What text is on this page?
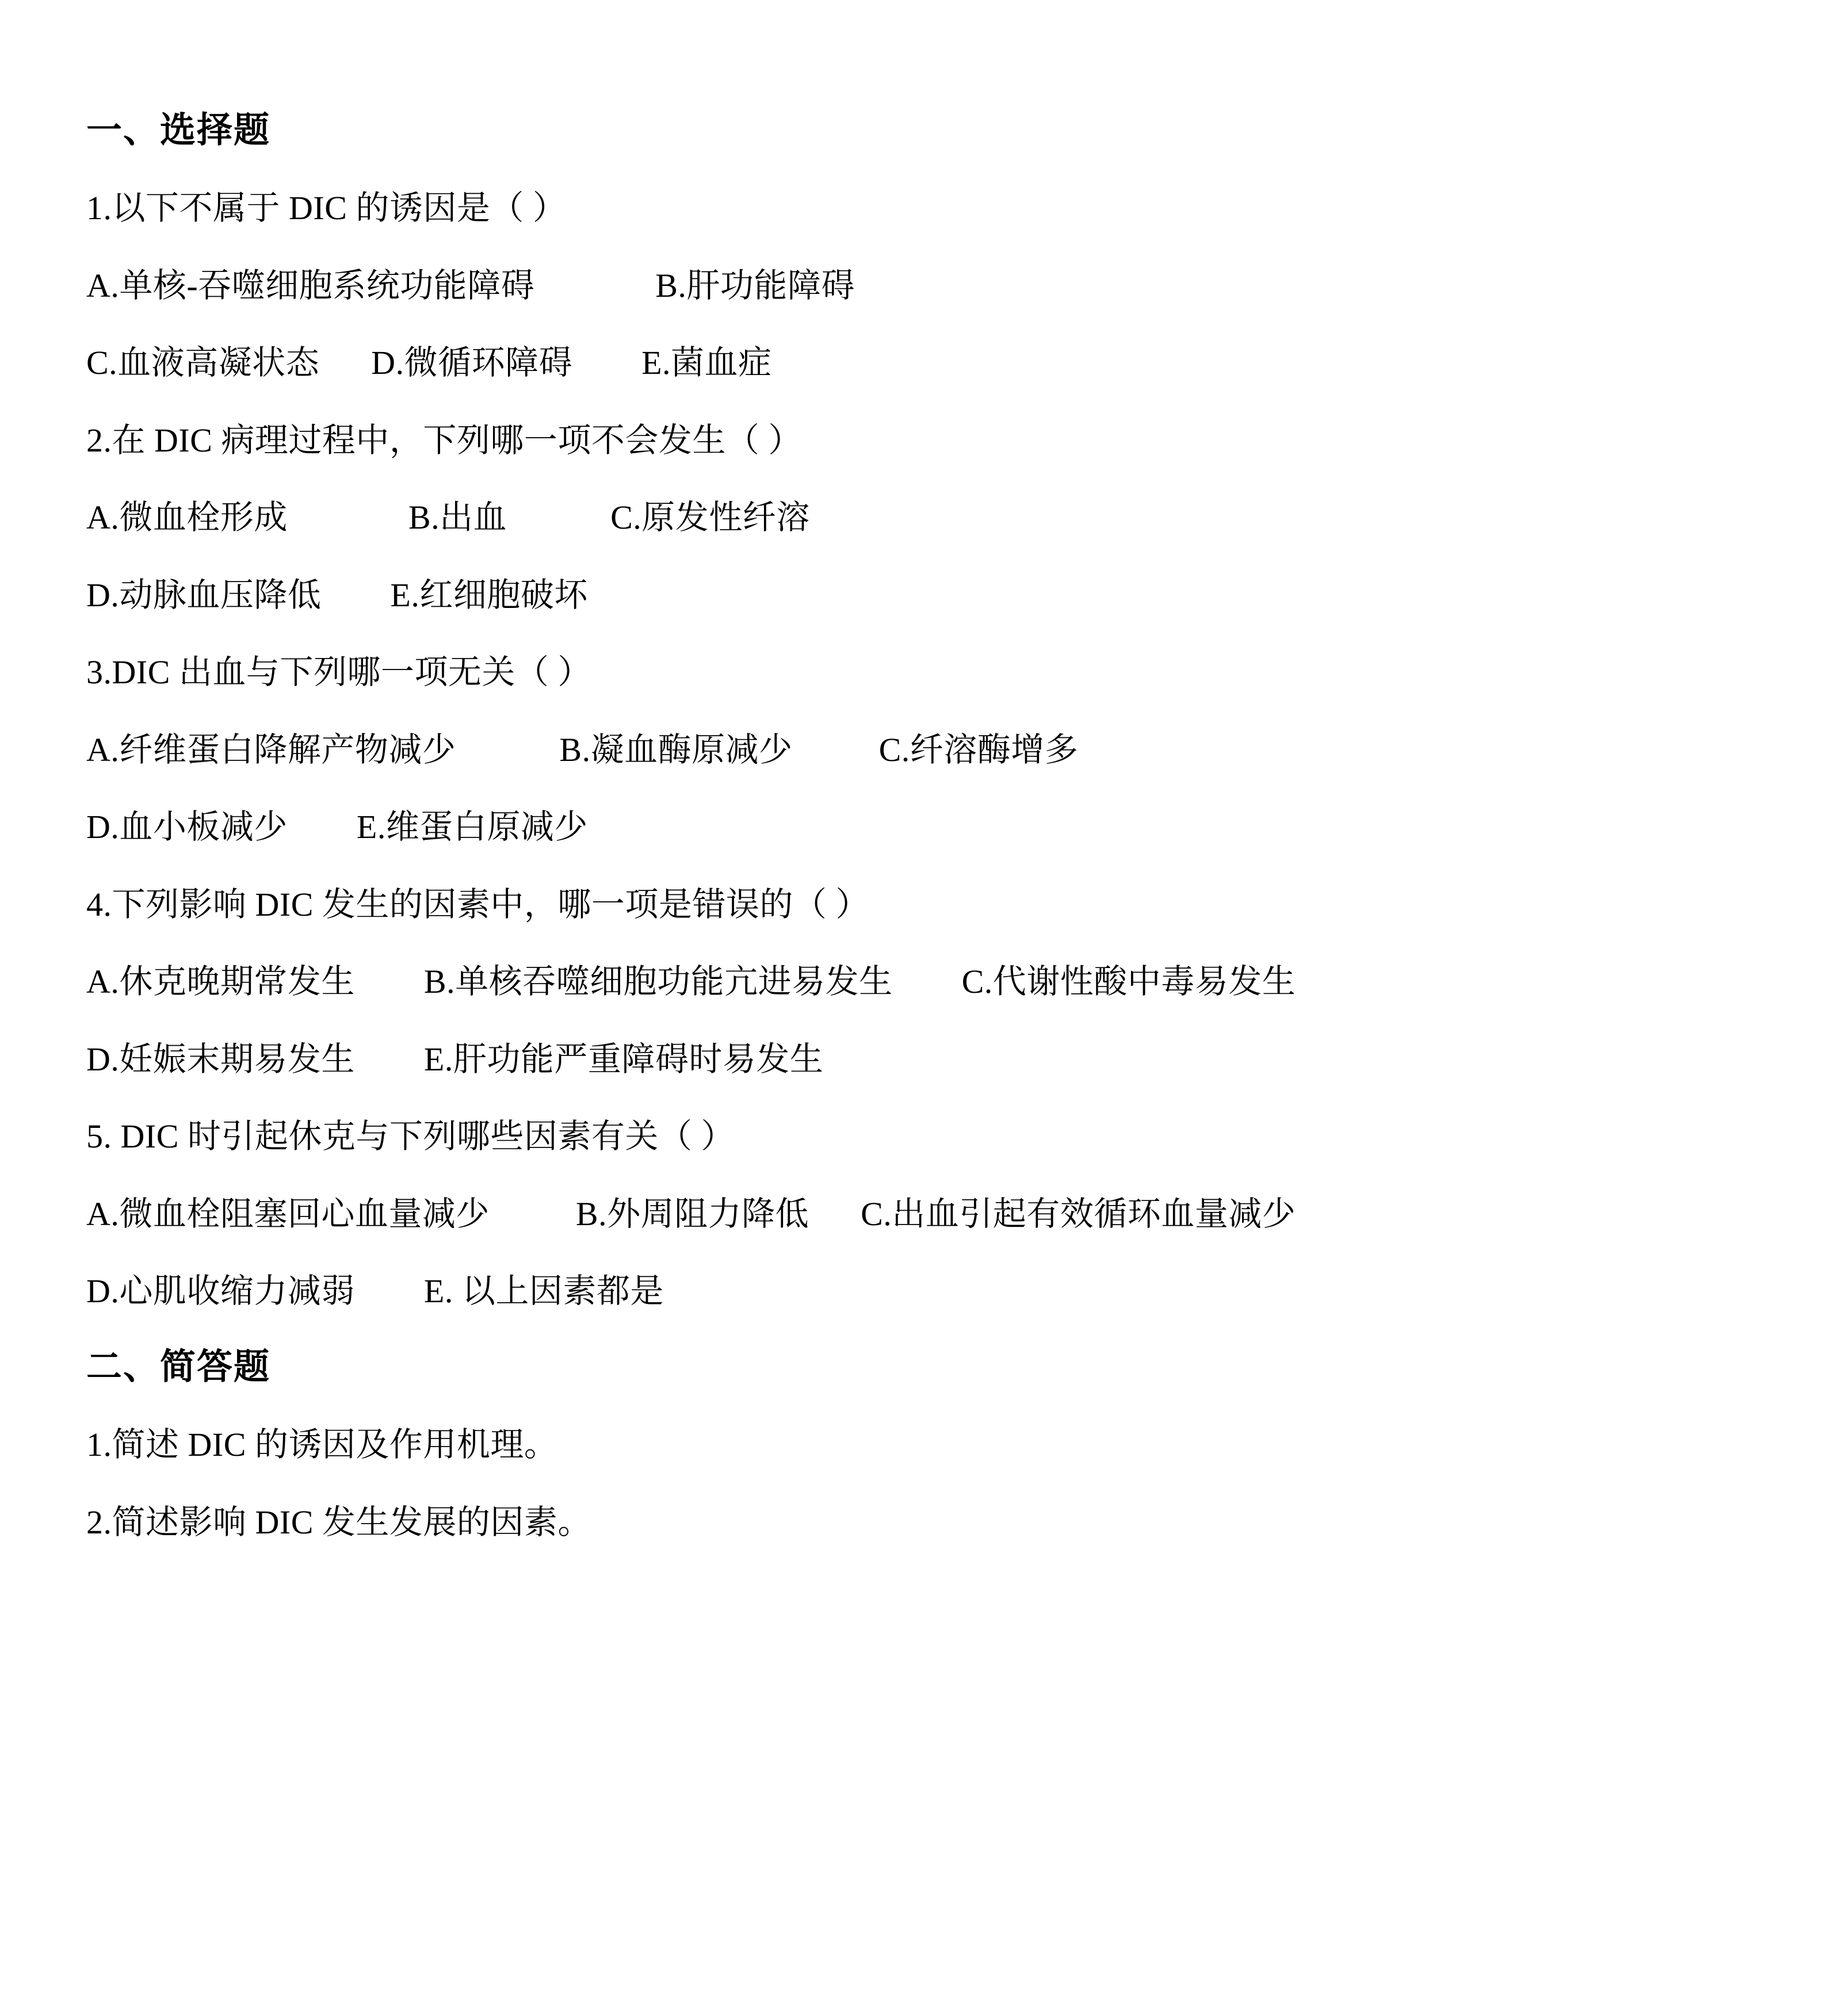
一、选择题

1.以下不属于 DIC 的诱因是（ ）

A.单核-吞噬细胞系统功能障碍              B.肝功能障碍

C.血液高凝状态      D.微循环障碍        E.菌血症

2.在 DIC 病理过程中，下列哪一项不会发生（ ）

A.微血栓形成              B.出血            C.原发性纤溶

D.动脉血压降低        E.红细胞破坏

3.DIC 出血与下列哪一项无关（ ）

A.纤维蛋白降解产物减少            B.凝血酶原减少          C.纤溶酶增多

D.血小板减少        E.维蛋白原减少

4.下列影响 DIC 发生的因素中，哪一项是错误的（ ）

A.休克晚期常发生        B.单核吞噬细胞功能亢进易发生        C.代谢性酸中毒易发生

D.妊娠末期易发生        E.肝功能严重障碍时易发生

5. DIC 时引起休克与下列哪些因素有关（ ）

A.微血栓阻塞回心血量减少          B.外周阻力降低      C.出血引起有效循环血量减少

D.心肌收缩力减弱        E. 以上因素都是

二、简答题

1.简述 DIC 的诱因及作用机理。

2.简述影响 DIC 发生发展的因素。
